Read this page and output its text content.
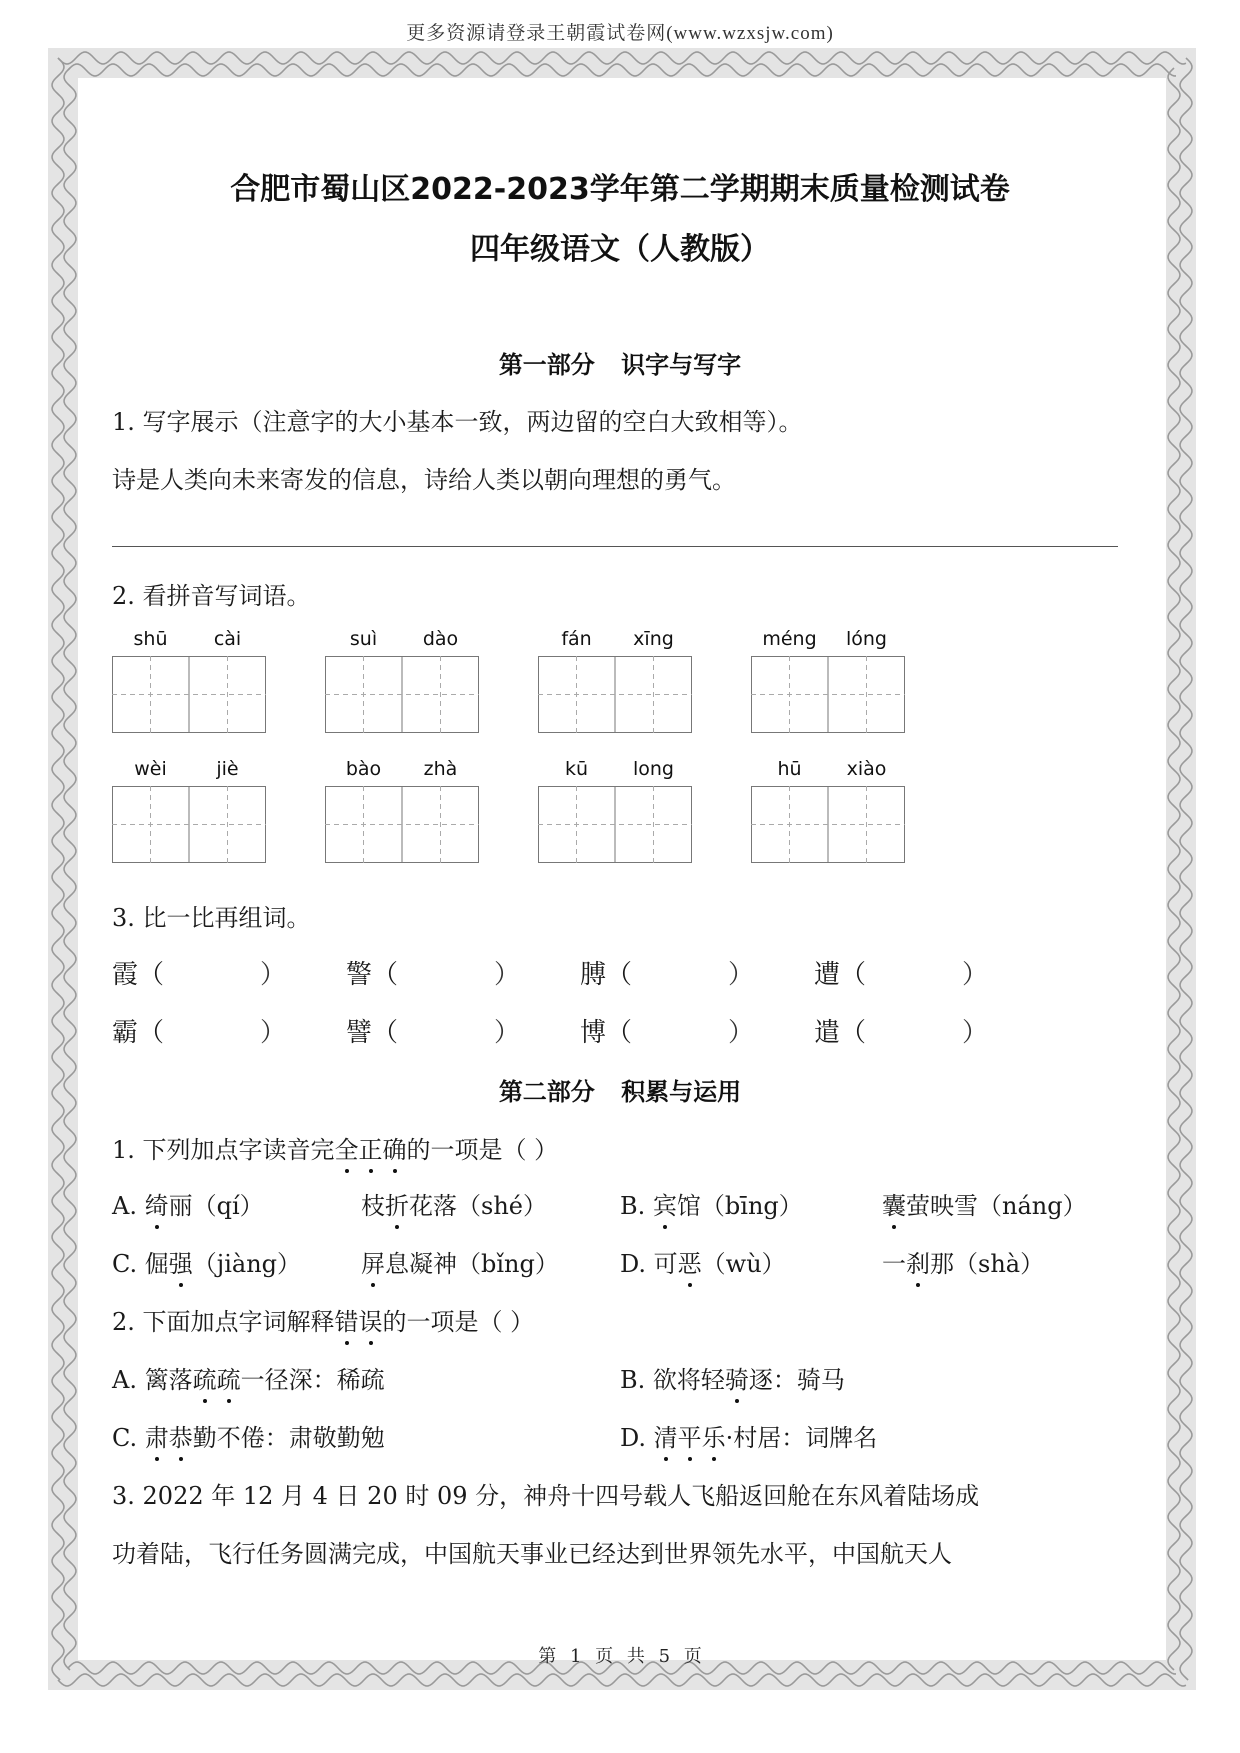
更多资源请登录王朝霞试卷网(www.wzxsjw.com)
合肥市蜀山区2022-2023学年第二学期期末质量检测试卷
四年级语文（人教版）
第一部分 识字与写字
1. 写字展示（注意字的大小基本一致，两边留的空白大致相等）。
诗是人类向未来寄发的信息，诗给人类以朝向理想的勇气。
2. 看拼音写词语。
shū	cài	suì	dào	fán	xīng	méng	lóng
wèi	jiè	bào	zhà	kū	long	hū	xiào
3. 比一比再组词。
霞（	） 警（	） 膊（	） 遭（	）
霸（	） 譬（	） 博（	） 遣（	）
第二部分 积累与运用
1. 下列加点字读音完全正确的一项是（ ）
A. 绮丽（qí）	枝折花落（shé）	B. 宾馆（bīng）	囊萤映雪（náng）
C. 倔强（jiàng） 屏息凝神（bǐng）	D. 可恶（wù）	一刹那（shà）
2. 下面加点字词解释错误的一项是（ ）
A. 篱落疏疏一径深：稀疏	B. 欲将轻骑逐：骑马
C. 肃恭勤不倦：肃敬勤勉	D. 清平乐·村居：词牌名
3. 2022 年 12 月 4 日 20 时 09 分，神舟十四号载人飞船返回舱在东风着陆场成
功着陆，飞行任务圆满完成，中国航天事业已经达到世界领先水平，中国航天人
第 1 页 共 5 页
